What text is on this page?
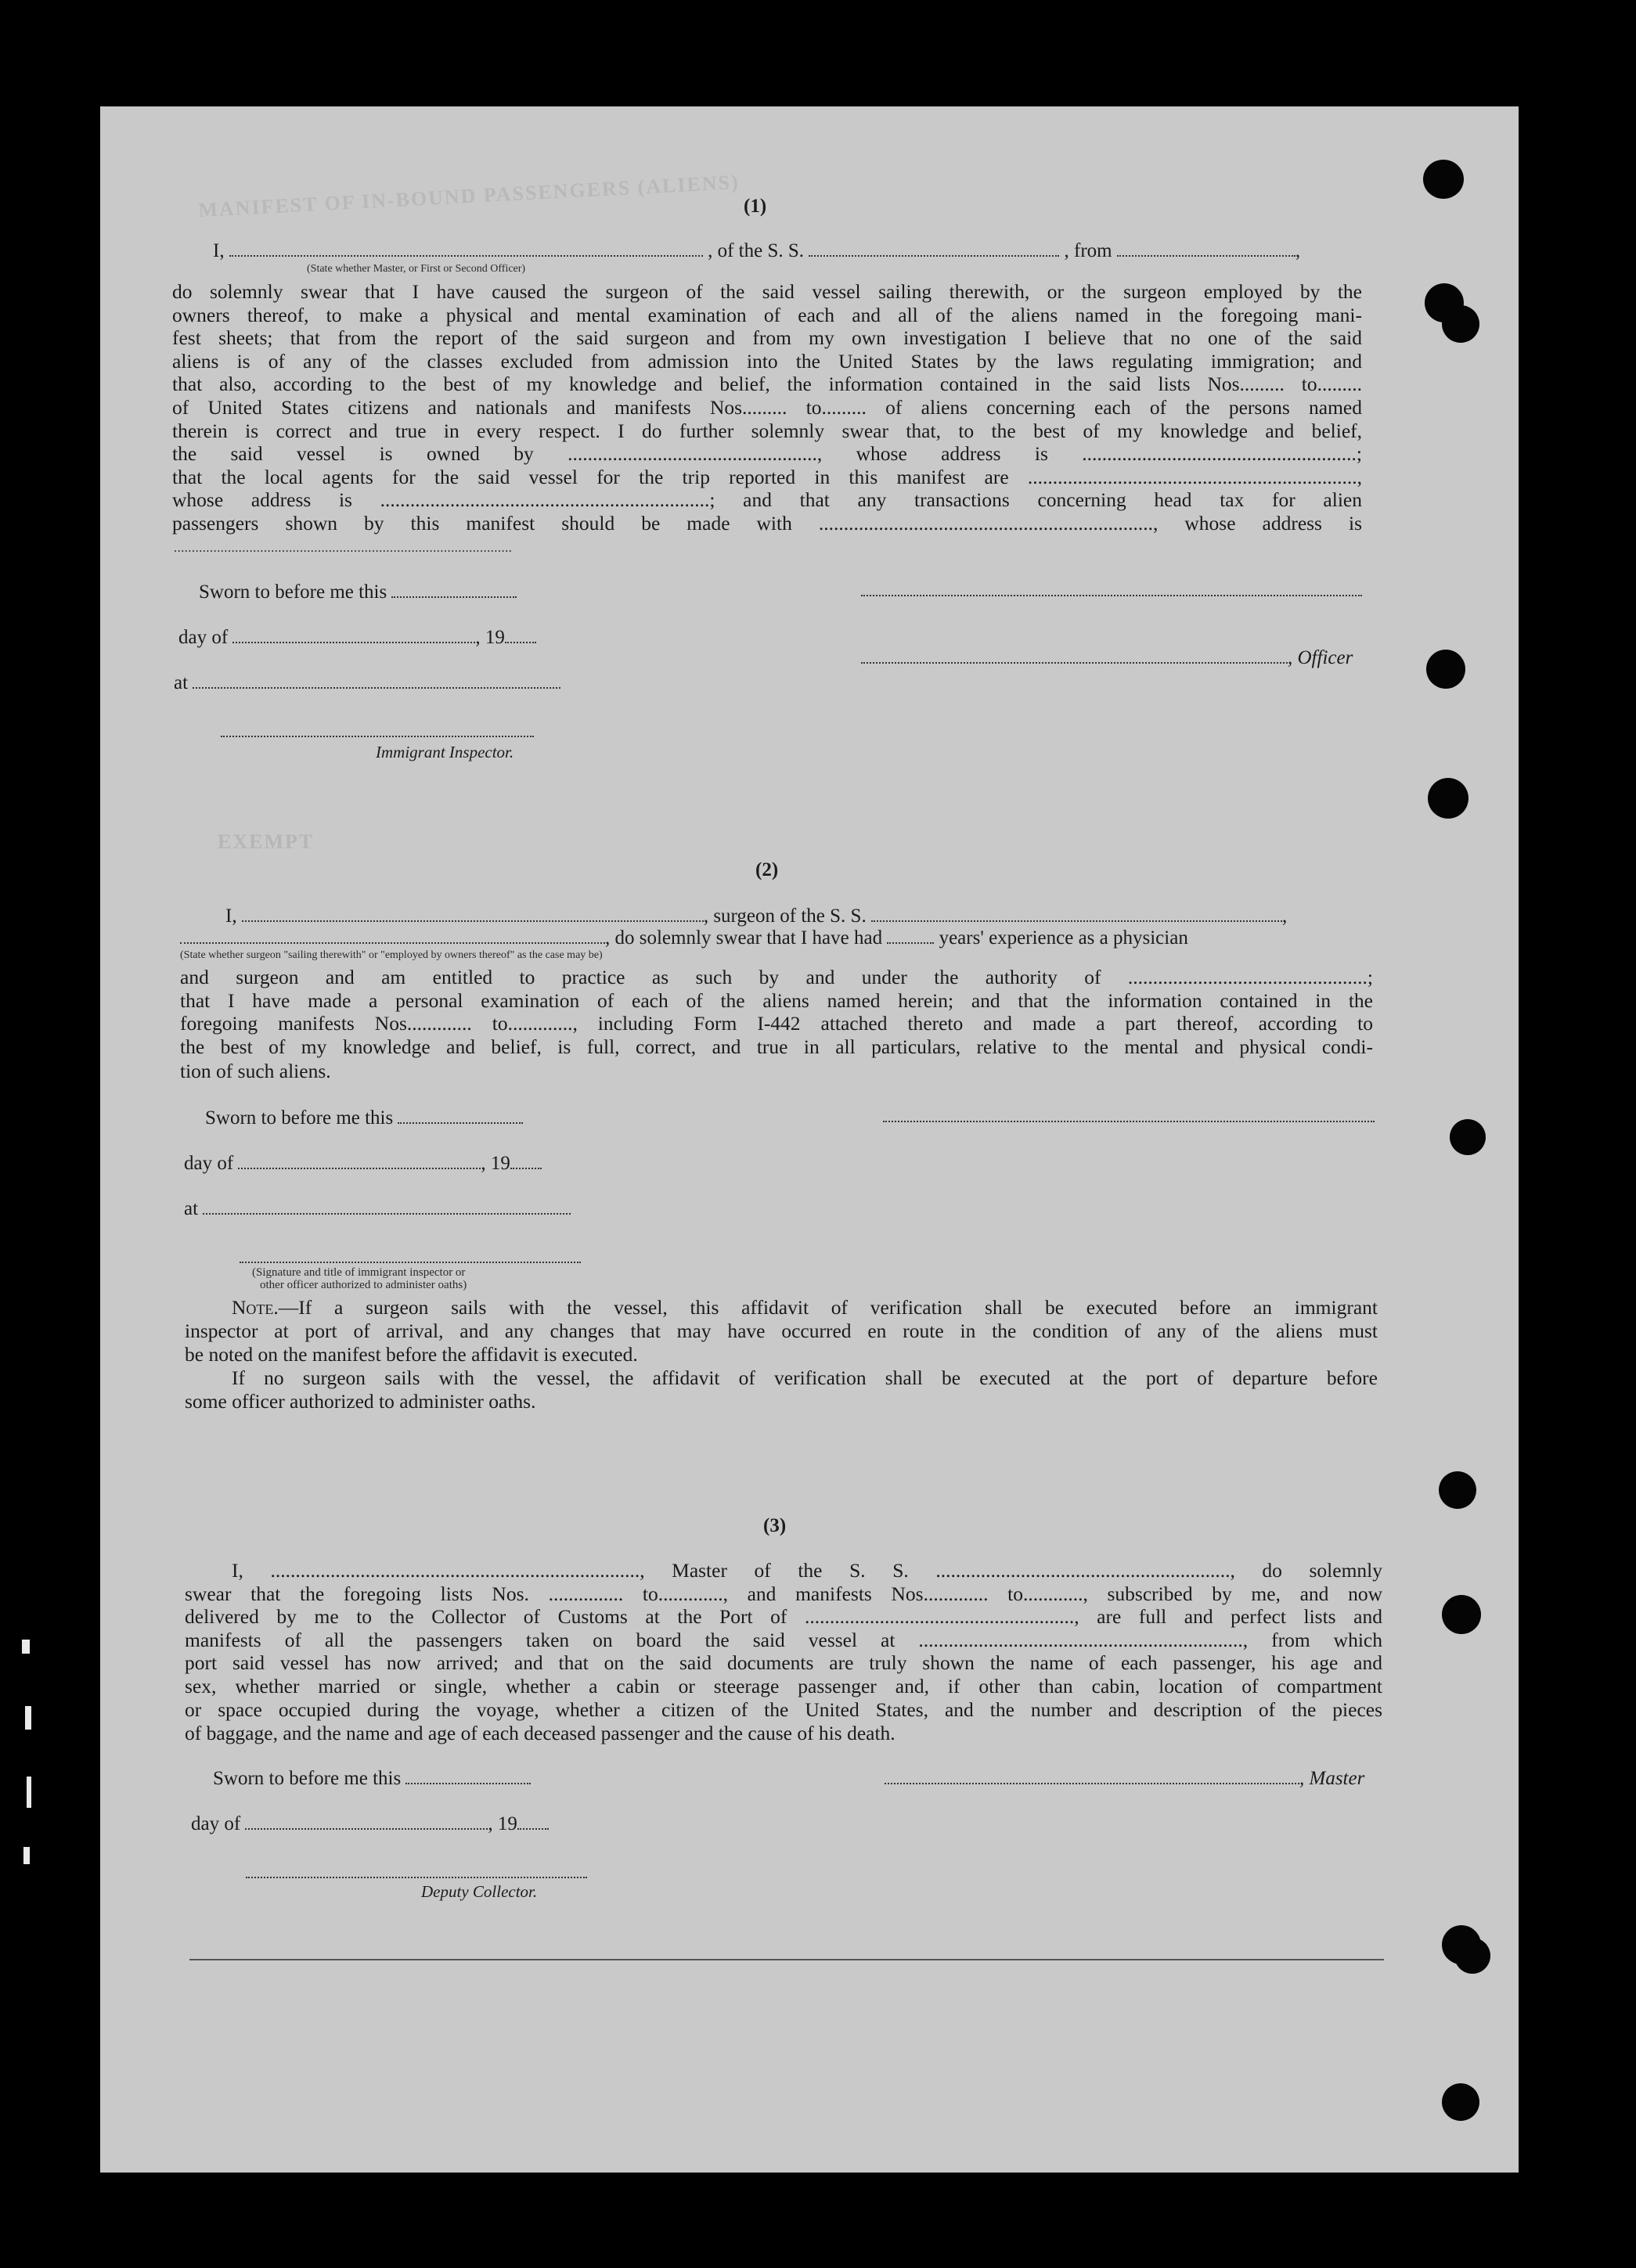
MANIFEST OF IN-BOUND PASSENGERS (ALIENS)
EXEMPT
(1)
I,	, of the S. S.	, from	,
(State whether Master, or First or Second Officer)
do solemnly swear that I have caused the surgeon of the said vessel sailing therewith, or the surgeon employed by the
owners thereof, to make a physical and mental examination of each and all of the aliens named in the foregoing mani-
fest sheets; that from the report of the said surgeon and from my own investigation I believe that no one of the said
aliens is of any of the classes excluded from admission into the United States by the laws regulating immigration; and
that also, according to the best of my knowledge and belief, the information contained in the said lists Nos......... to.........
of United States citizens and nationals and manifests Nos......... to......... of aliens concerning each of the persons named
therein is correct and true in every respect. I do further solemnly swear that, to the best of my knowledge and belief,
the said vessel is owned by .................................................., whose address is .......................................................;
that the local agents for the said vessel for the trip reported in this manifest are ..................................................................,
whose address is ..................................................................; and that any transactions concerning head tax for alien
passengers shown by this manifest should be made with ..................................................................., whose address is
..............................................................................................
Sworn to before me this
day of	, 19
at
Immigrant Inspector.
, Officer
(2)
I,	, surgeon of the S. S.	,
, do solemnly swear that I have had	years' experience as a physician
(State whether surgeon "sailing therewith" or "employed by owners thereof" as the case may be)
and surgeon and am entitled to practice as such by and under the authority of ................................................;
that I have made a personal examination of each of the aliens named herein; and that the information contained in the
foregoing manifests Nos............. to............., including Form I-442 attached thereto and made a part thereof, according to
the best of my knowledge and belief, is full, correct, and true in all particulars, relative to the mental and physical condi-
tion of such aliens.
Sworn to before me this
day of	, 19
at
(Signature and title of immigrant inspector or
other officer authorized to administer oaths)
Note.—If a surgeon sails with the vessel, this affidavit of verification shall be executed before an immigrant
inspector at port of arrival, and any changes that may have occurred en route in the condition of any of the aliens must
be noted on the manifest before the affidavit is executed.
If no surgeon sails with the vessel, the affidavit of verification shall be executed at the port of departure before
some officer authorized to administer oaths.
(3)
I, .........................................................................., Master of the S. S. ..........................................................., do solemnly
swear that the foregoing lists Nos. ............... to............., and manifests Nos............. to............, subscribed by me, and now
delivered by me to the Collector of Customs at the Port of ......................................................, are full and perfect lists and
manifests of all the passengers taken on board the said vessel at ................................................................., from which
port said vessel has now arrived; and that on the said documents are truly shown the name of each passenger, his age and
sex, whether married or single, whether a cabin or steerage passenger and, if other than cabin, location of compartment
or space occupied during the voyage, whether a citizen of the United States, and the number and description of the pieces
of baggage, and the name and age of each deceased passenger and the cause of his death.
Sworn to before me this
day of	, 19
, Master
Deputy Collector.
